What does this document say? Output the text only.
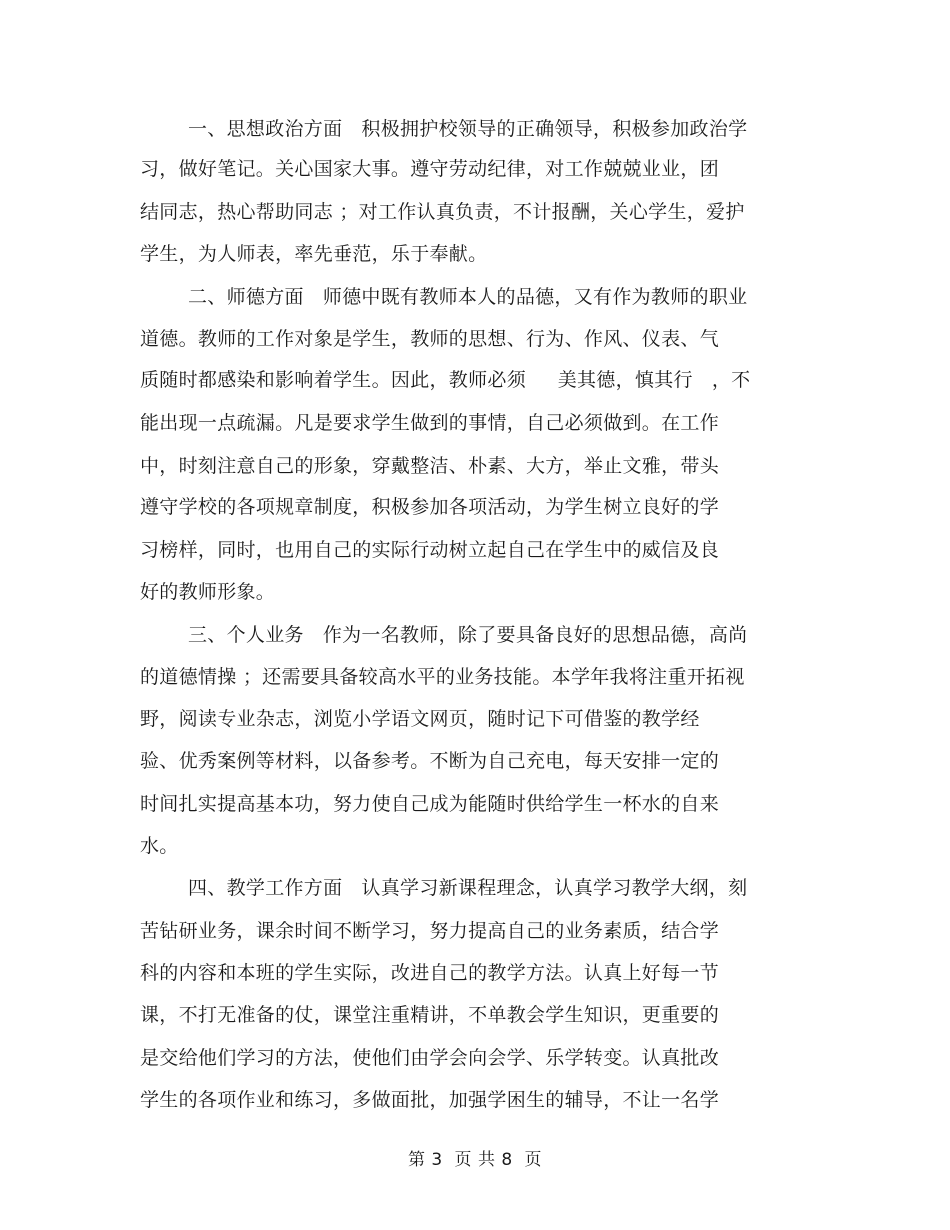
一、思想政治方面   积极拥护校领导的正确领导，积极参加政治学
习，做好笔记。关心国家大事。遵守劳动纪律，对工作兢兢业业，团
结同志，热心帮助同志 ；对工作认真负责，不计报酬，关心学生，爱护
学生，为人师表，率先垂范，乐于奉献。
二、师德方面   师德中既有教师本人的品德，又有作为教师的职业
道德。教师的工作对象是学生，教师的思想、行为、作风、仪表、气
质随时都感染和影响着学生。因此，教师必须     美其德，慎其行   ，不
能出现一点疏漏。凡是要求学生做到的事情，自己必须做到。在工作
中，时刻注意自己的形象，穿戴整洁、朴素、大方，举止文雅，带头
遵守学校的各项规章制度，积极参加各项活动，为学生树立良好的学
习榜样，同时，也用自己的实际行动树立起自己在学生中的威信及良
好的教师形象。
三、个人业务   作为一名教师，除了要具备良好的思想品德，高尚
的道德情操 ；还需要具备较高水平的业务技能。本学年我将注重开拓视
野，阅读专业杂志，浏览小学语文网页，随时记下可借鉴的教学经
验、优秀案例等材料，以备参考。不断为自己充电，每天安排一定的
时间扎实提高基本功，努力使自己成为能随时供给学生一杯水的自来
水。
四、教学工作方面   认真学习新课程理念，认真学习教学大纲，刻
苦钻研业务，课余时间不断学习，努力提高自己的业务素质，结合学
科的内容和本班的学生实际，改进自己的教学方法。认真上好每一节
课，不打无准备的仗，课堂注重精讲，不单教会学生知识，更重要的
是交给他们学习的方法，使他们由学会向会学、乐学转变。认真批改
学生的各项作业和练习，多做面批，加强学困生的辅导，不让一名学
第 3  页 共 8  页
